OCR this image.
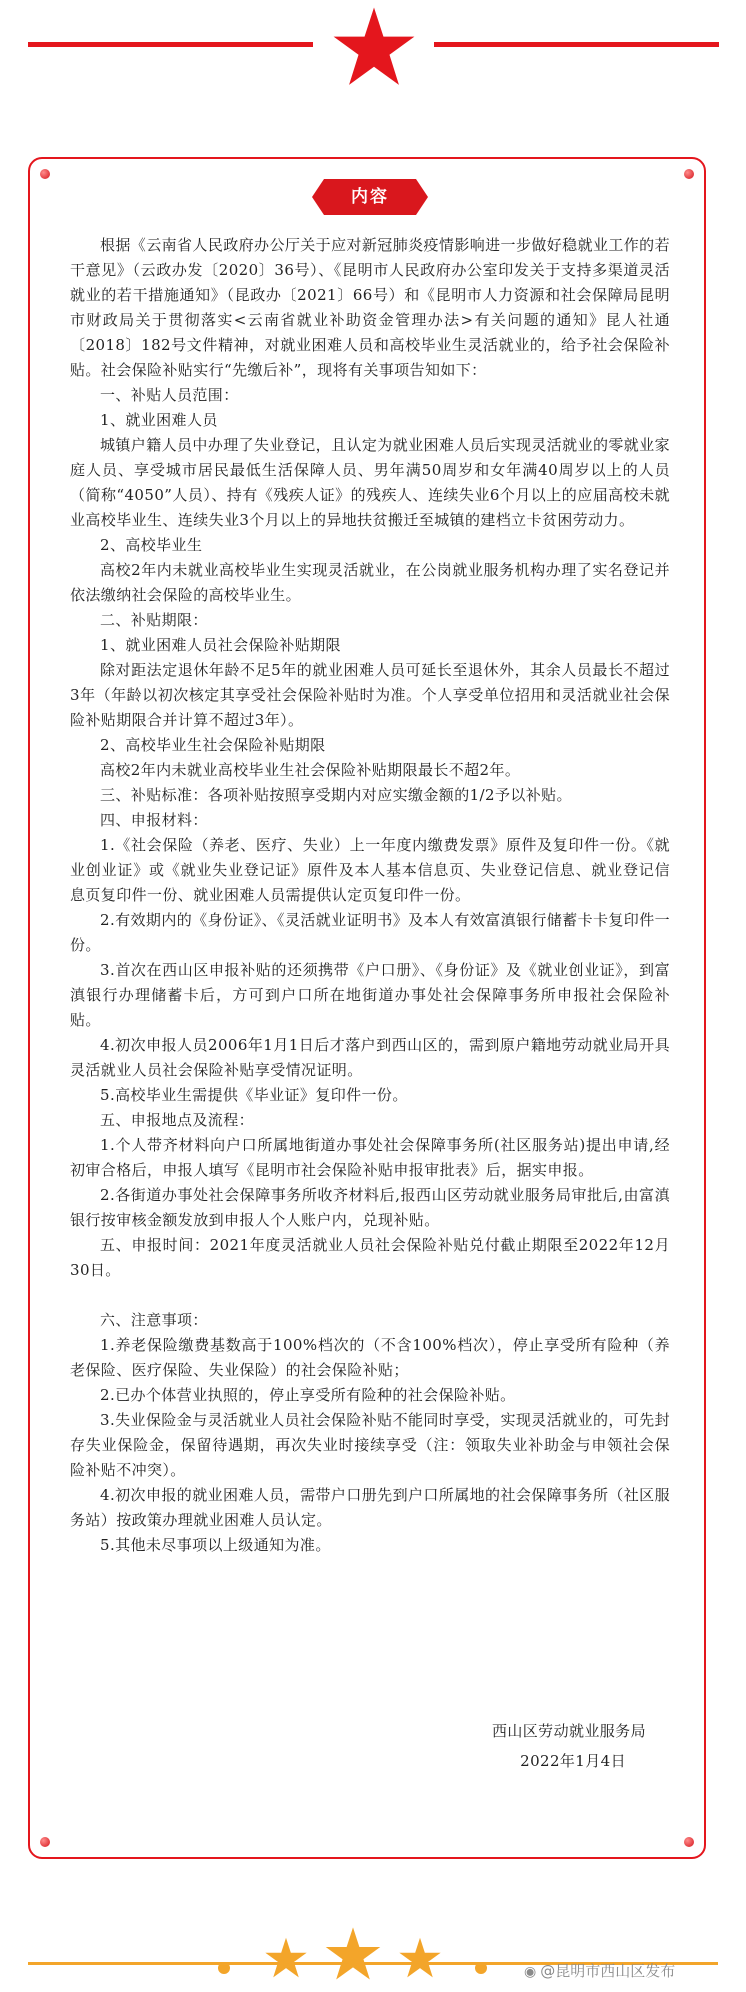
内容

根据《云南省人民政府办公厅关于应对新冠肺炎疫情影响进一步做好稳就业工作的若干意见》（云政办发〔2020〕36号）、《昆明市人民政府办公室印发关于支持多渠道灵活就业的若干措施通知》（昆政办〔2021〕66号）和《昆明市人力资源和社会保障局昆明市财政局关于贯彻落实<云南省就业补助资金管理办法>有关问题的通知》昆人社通〔2018〕182号文件精神，对就业困难人员和高校毕业生灵活就业的，给予社会保险补贴。社会保险补贴实行“先缴后补”，现将有关事项告知如下：

一、补贴人员范围：

1、就业困难人员

城镇户籍人员中办理了失业登记，且认定为就业困难人员后实现灵活就业的零就业家庭人员、享受城市居民最低生活保障人员、男年满50周岁和女年满40周岁以上的人员（简称“4050”人员）、持有《残疾人证》的残疾人、连续失业6个月以上的应届高校未就业高校毕业生、连续失业3个月以上的异地扶贫搬迁至城镇的建档立卡贫困劳动力。

2、高校毕业生

高校2年内未就业高校毕业生实现灵活就业，在公岗就业服务机构办理了实名登记并依法缴纳社会保险的高校毕业生。

二、补贴期限：

1、就业困难人员社会保险补贴期限

除对距法定退休年龄不足5年的就业困难人员可延长至退休外，其余人员最长不超过3年（年龄以初次核定其享受社会保险补贴时为准。个人享受单位招用和灵活就业社会保险补贴期限合并计算不超过3年）。

2、高校毕业生社会保险补贴期限

高校2年内未就业高校毕业生社会保险补贴期限最长不超2年。

三、补贴标准：各项补贴按照享受期内对应实缴金额的1/2予以补贴。

四、申报材料：

1.《社会保险（养老、医疗、失业）上一年度内缴费发票》原件及复印件一份。《就业创业证》或《就业失业登记证》原件及本人基本信息页、失业登记信息、就业登记信息页复印件一份、就业困难人员需提供认定页复印件一份。

2.有效期内的《身份证》、《灵活就业证明书》及本人有效富滇银行储蓄卡卡复印件一份。

3.首次在西山区申报补贴的还须携带《户口册》、《身份证》及《就业创业证》，到富滇银行办理储蓄卡后，方可到户口所在地街道办事处社会保障事务所申报社会保险补贴。

4.初次申报人员2006年1月1日后才落户到西山区的，需到原户籍地劳动就业局开具灵活就业人员社会保险补贴享受情况证明。

5.高校毕业生需提供《毕业证》复印件一份。

五、申报地点及流程：

1.个人带齐材料向户口所属地街道办事处社会保障事务所(社区服务站)提出申请,经初审合格后，申报人填写《昆明市社会保险补贴申报审批表》后，据实申报。

2.各街道办事处社会保障事务所收齐材料后,报西山区劳动就业服务局审批后,由富滇银行按审核金额发放到申报人个人账户内，兑现补贴。

五、申报时间：2021年度灵活就业人员社会保险补贴兑付截止期限至2022年12月30日。

六、注意事项：

1.养老保险缴费基数高于100%档次的（不含100%档次），停止享受所有险种（养老保险、医疗保险、失业保险）的社会保险补贴；

2.已办个体营业执照的，停止享受所有险种的社会保险补贴。

3.失业保险金与灵活就业人员社会保险补贴不能同时享受，实现灵活就业的，可先封存失业保险金，保留待遇期，再次失业时接续享受（注：领取失业补助金与申领社会保险补贴不冲突）。

4.初次申报的就业困难人员，需带户口册先到户口所属地的社会保障事务所（社区服务站）按政策办理就业困难人员认定。

5.其他未尽事项以上级通知为准。

西山区劳动就业服务局
2022年1月4日
◉ @昆明市西山区发布
